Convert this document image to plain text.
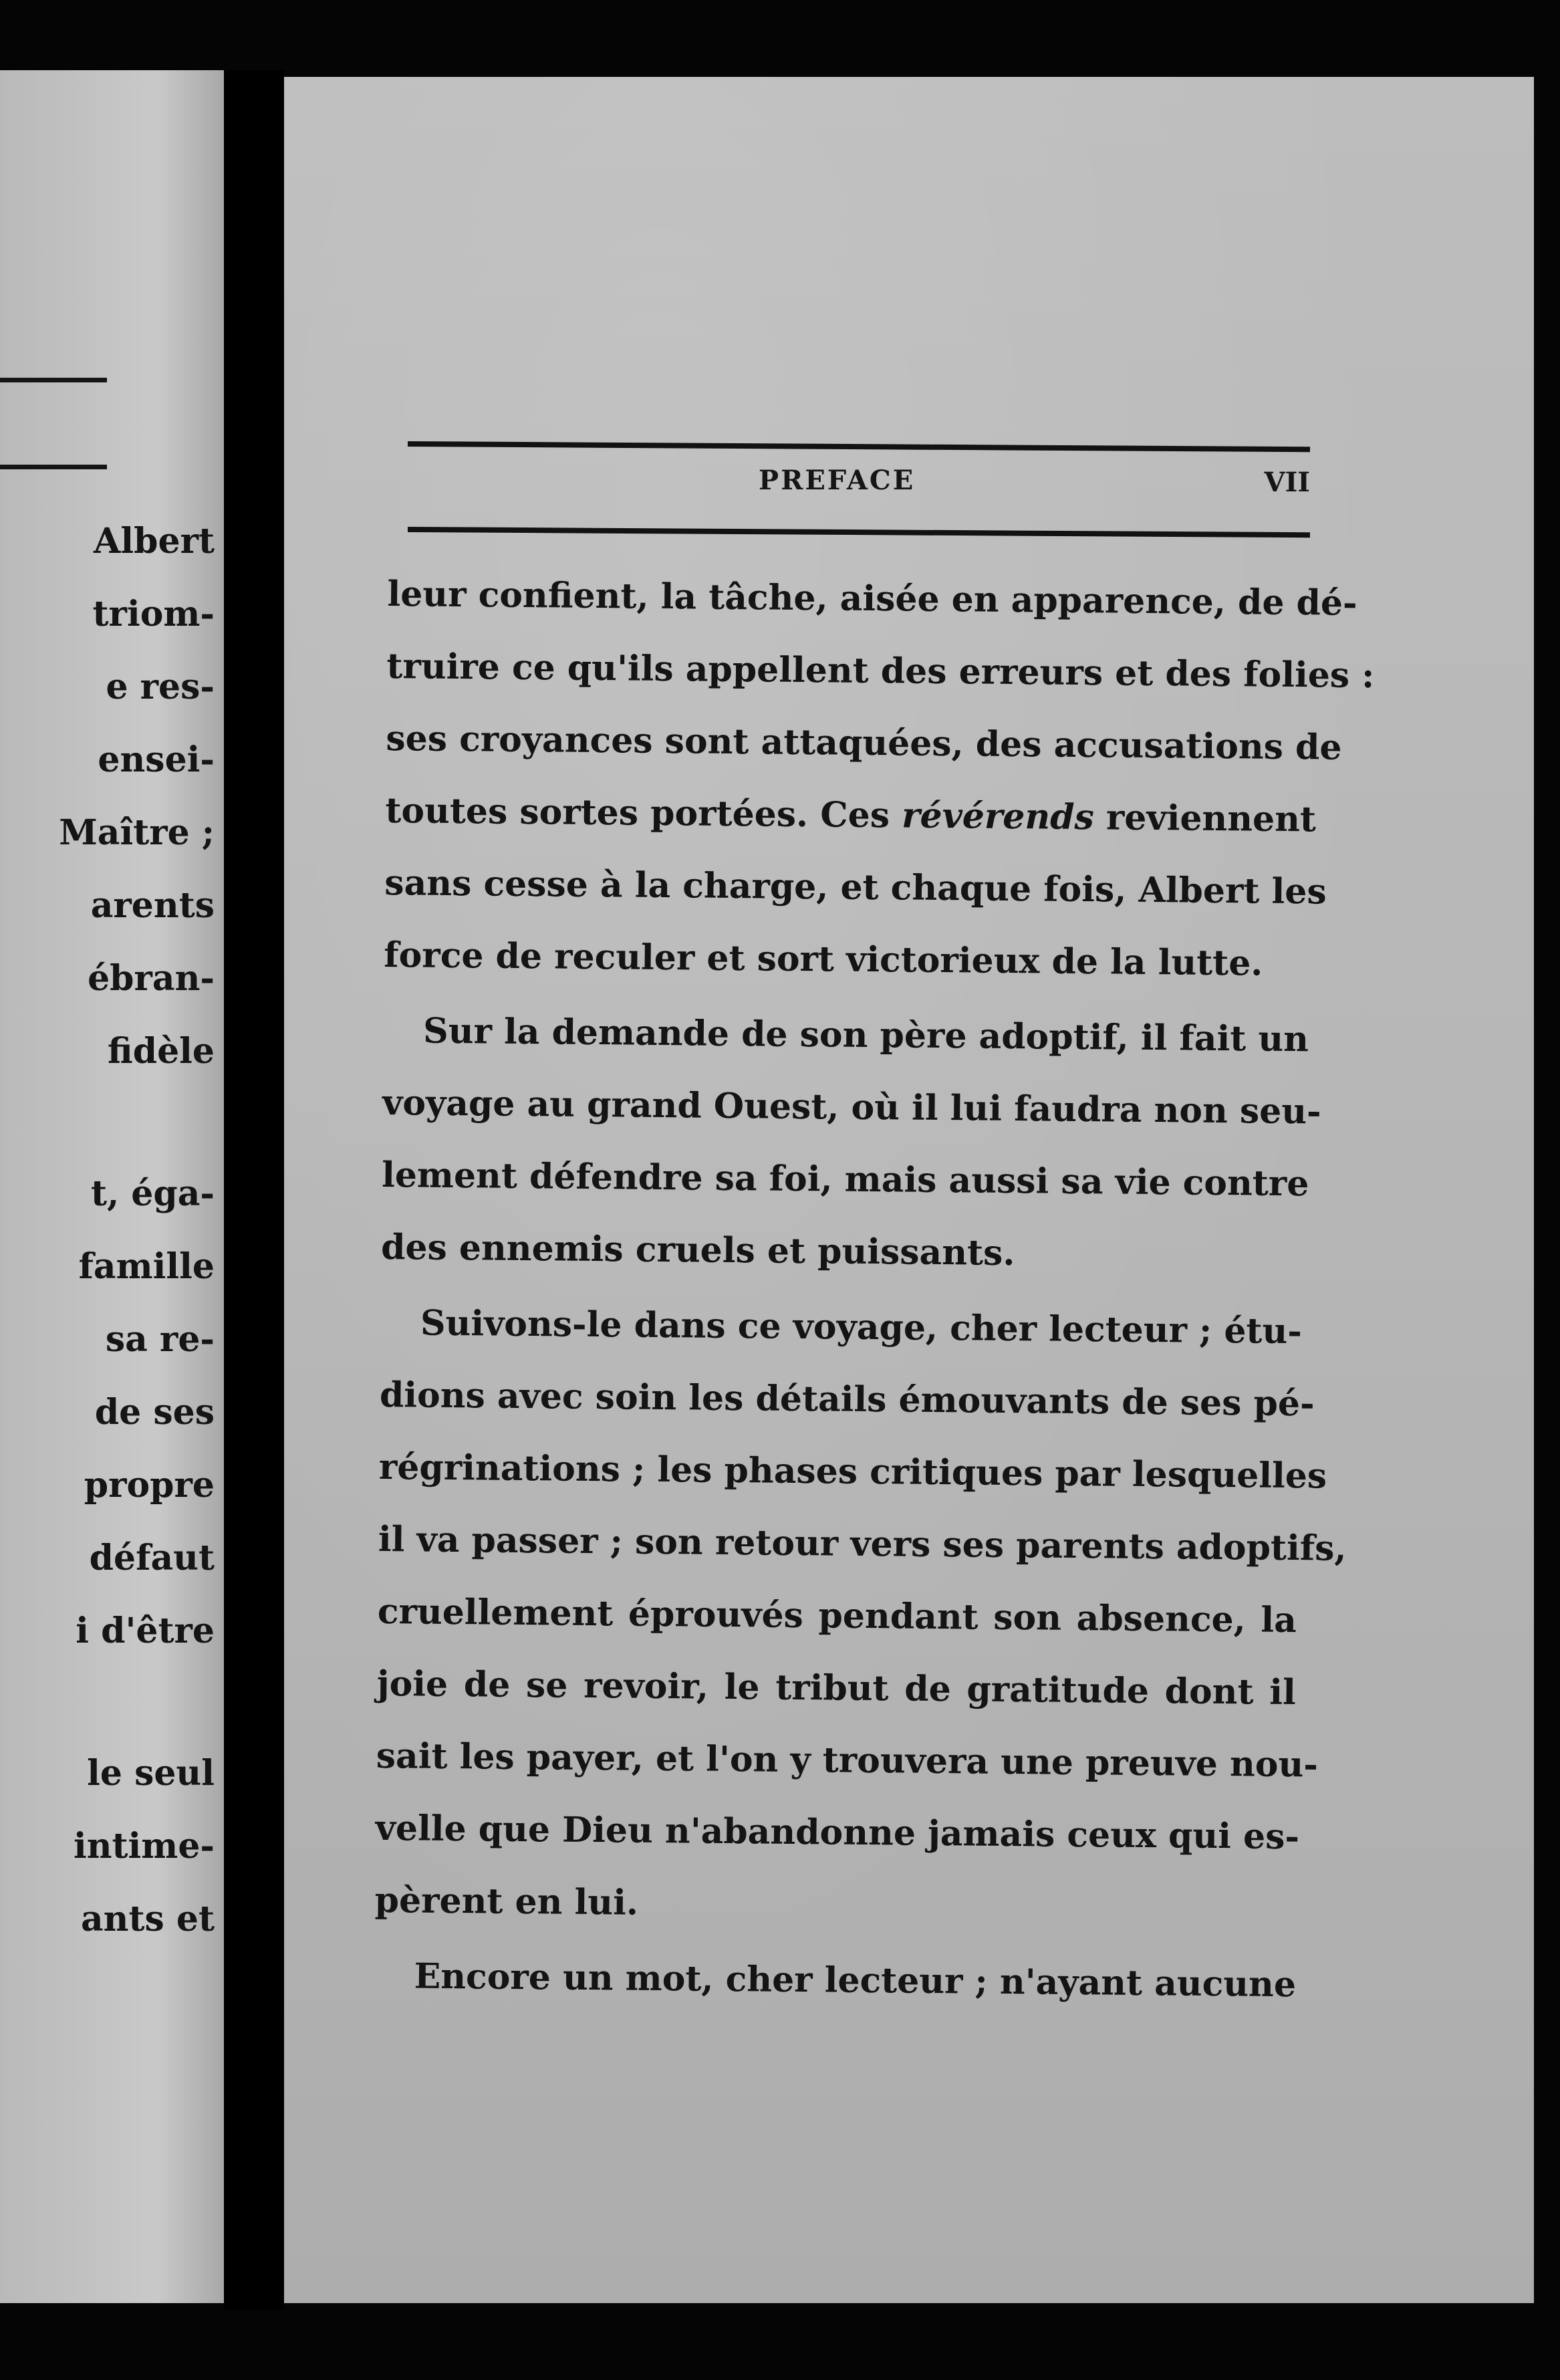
Albert
triom-
e res-
ensei-
Maître ;
arents
ébran-
fidèle
t, éga-
famille
sa re-
de ses
propre
défaut
i d'être
le seul
intime-
ants et
PREFACE	VII

leur confient, la tâche, aisée en apparence, de dé-
truire ce qu'ils appellent des erreurs et des folies :
ses croyances sont attaquées, des accusations de
toutes sortes portées. Ces révérends reviennent
sans cesse à la charge, et chaque fois, Albert les
force de reculer et sort victorieux de la lutte.

Sur la demande de son père adoptif, il fait un
voyage au grand Ouest, où il lui faudra non seu-
lement défendre sa foi, mais aussi sa vie contre
des ennemis cruels et puissants.

Suivons-le dans ce voyage, cher lecteur ; étu-
dions avec soin les détails émouvants de ses pé-
régrinations ; les phases critiques par lesquelles
il va passer ; son retour vers ses parents adoptifs,
cruellement éprouvés pendant son absence, la
joie de se revoir, le tribut de gratitude dont il
sait les payer, et l'on y trouvera une preuve nou-
velle que Dieu n'abandonne jamais ceux qui es-
pèrent en lui.

Encore un mot, cher lecteur ; n'ayant aucune
